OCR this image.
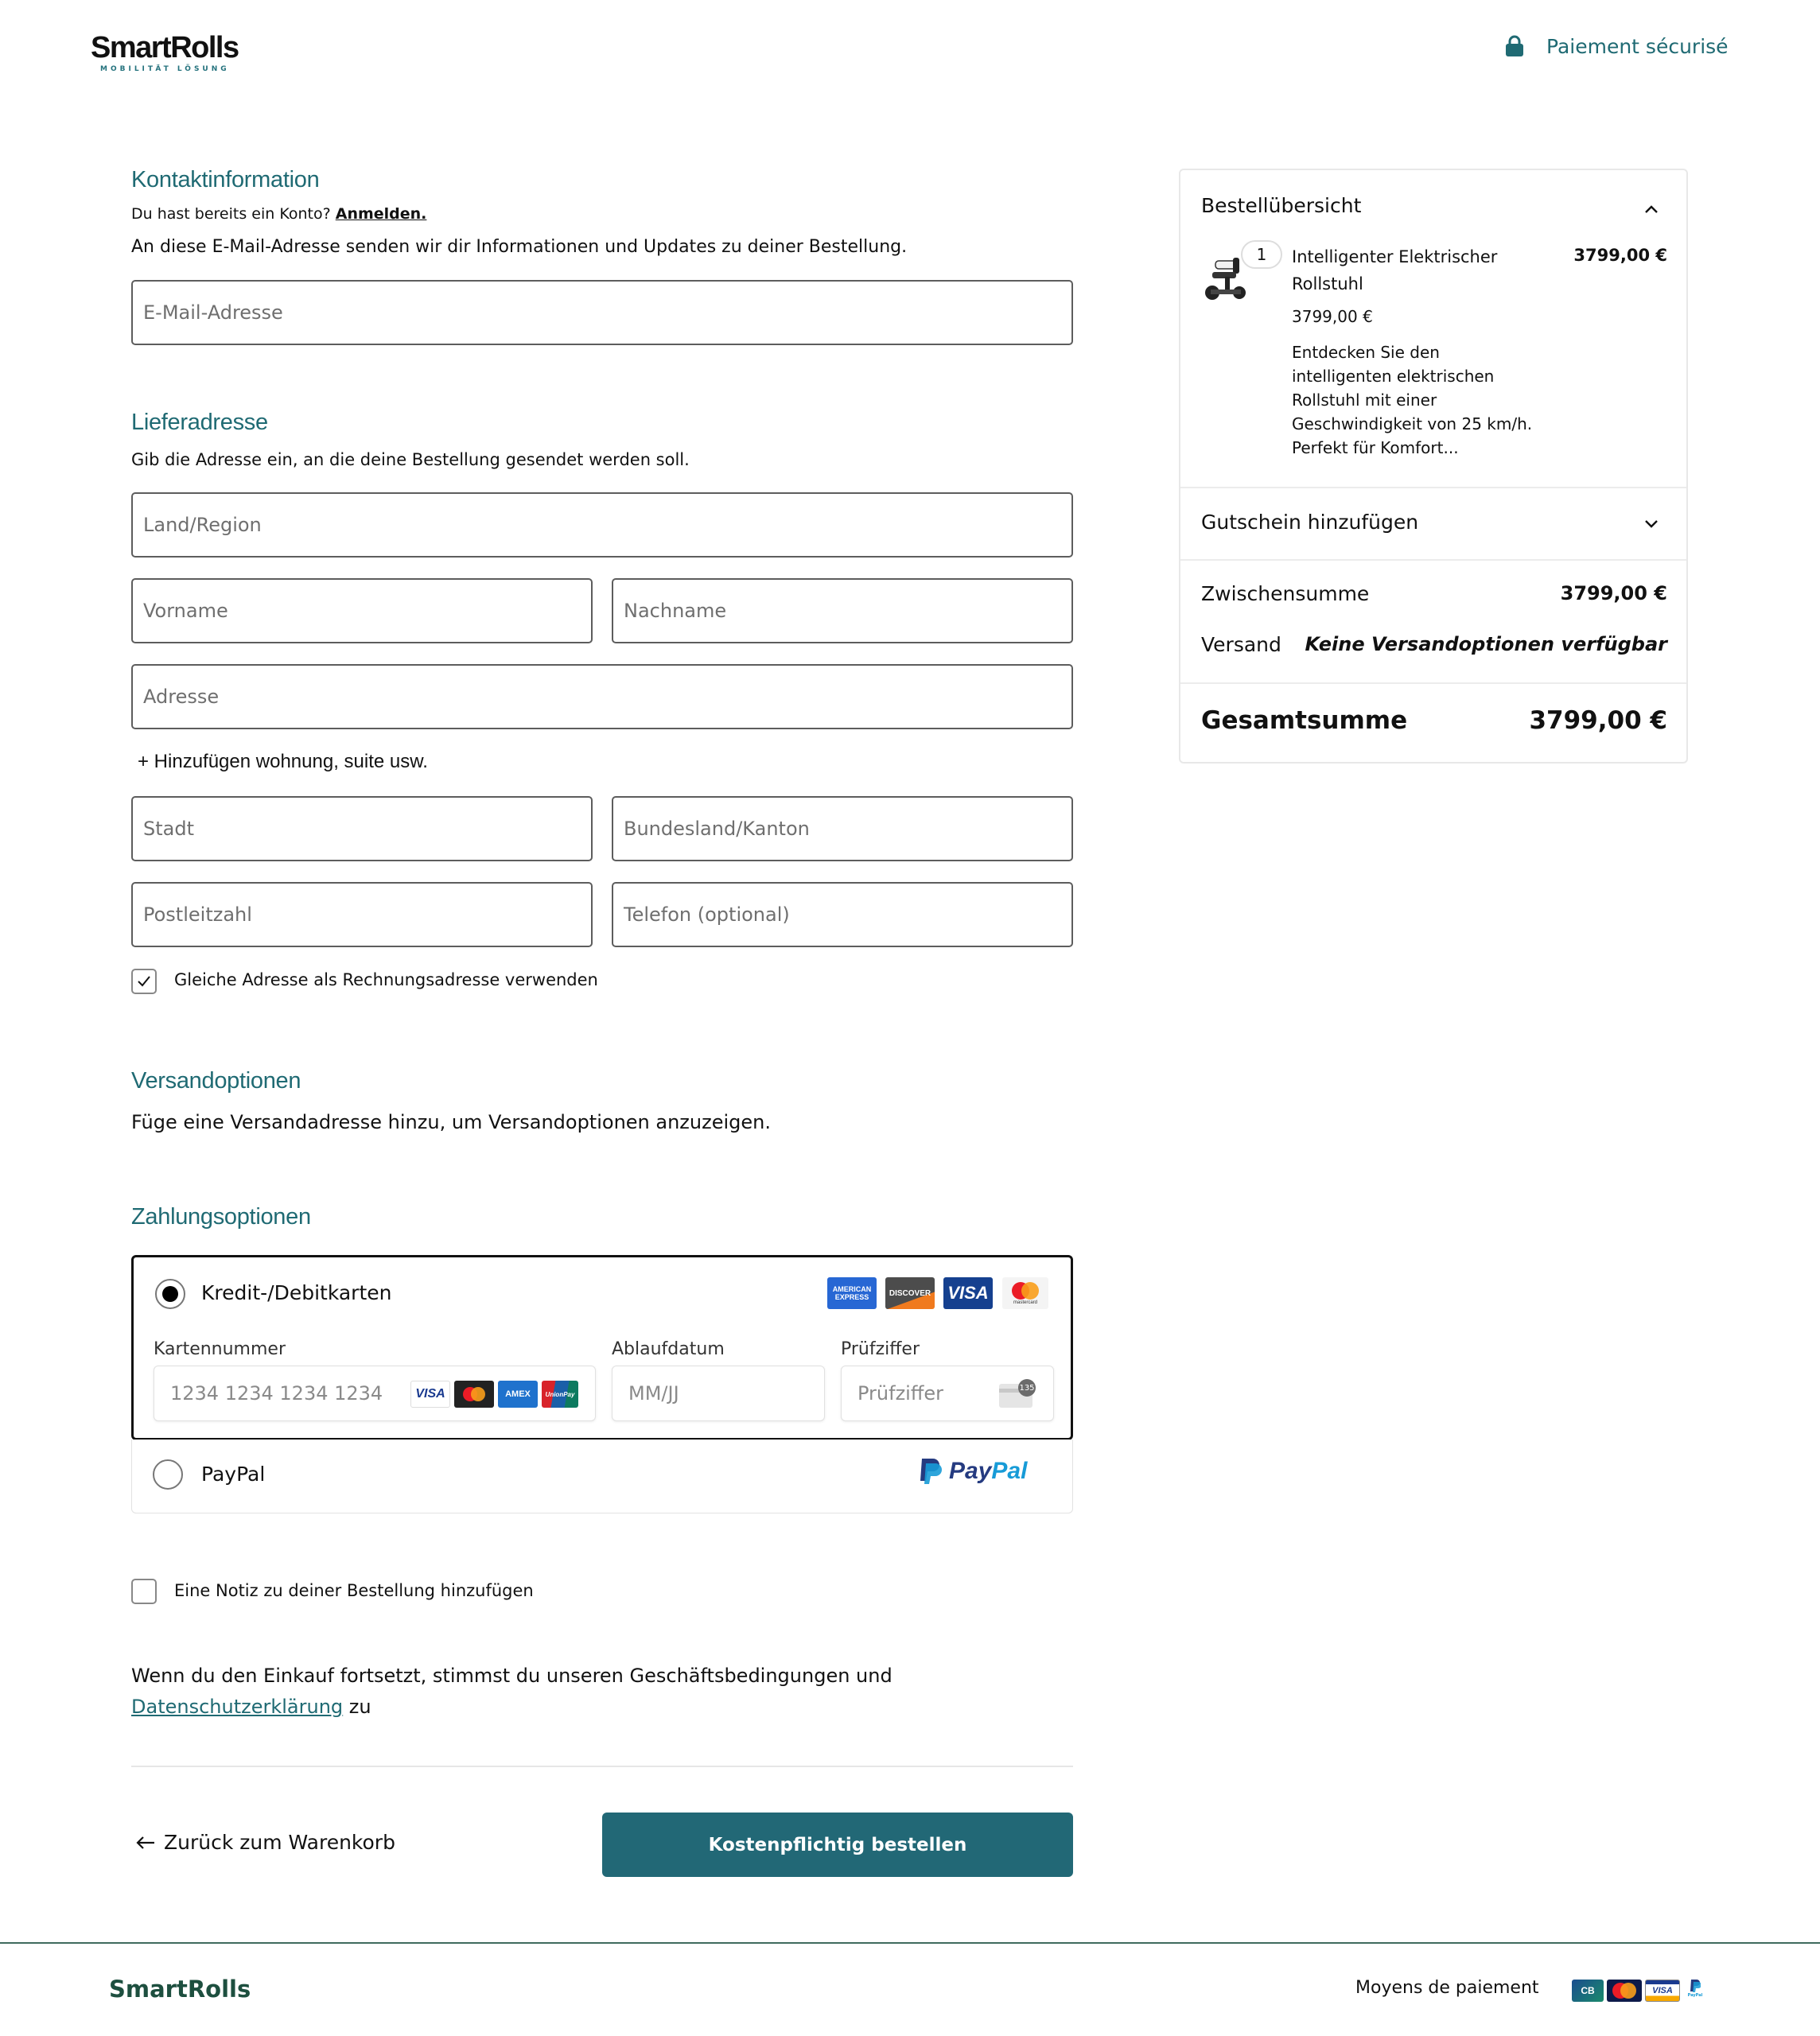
SmartRolls
MOBILITÄT LÖSUNG
Paiement sécurisé
Kontaktinformation
Du hast bereits ein Konto? Anmelden.
An diese E-Mail-Adresse senden wir dir Informationen und Updates zu deiner Bestellung.
E-Mail-Adresse
Lieferadresse
Gib die Adresse ein, an die deine Bestellung gesendet werden soll.
Land/Region
Vorname	Nachname
Adresse
+ Hinzufügen wohnung, suite usw.
Stadt	Bundesland/Kanton
Postleitzahl	Telefon (optional)
Gleiche Adresse als Rechnungsadresse verwenden
Versandoptionen
Füge eine Versandadresse hinzu, um Versandoptionen anzuzeigen.
Zahlungsoptionen
Kredit-/Debitkarten	AMERICAN EXPRESS	DISCOVER VISA	mastercard
Kartennummer
1234 1234 1234 1234	VISA	AMEX UnionPay
Ablaufdatum
MM/JJ
Prüfziffer
Prüfziffer	135
PayPal	PayPal
Eine Notiz zu deiner Bestellung hinzufügen
Wenn du den Einkauf fortsetzt, stimmst du unseren Geschäftsbedingungen und
Datenschutzerklärung zu
Zurück zum Warenkorb	Kostenpflichtig bestellen
Bestellübersicht
1	Intelligenter Elektrischer
Rollstuhl
3799,00 €
3799,00 €
Entdecken Sie den
intelligenten elektrischen
Rollstuhl mit einer
Geschwindigkeit von 25 km/h.
Perfekt für Komfort...
Gutschein hinzufügen
Zwischensumme	3799,00 €
Versand Keine Versandoptionen verfügbar
Gesamtsumme	3799,00 €
SmartRolls	Moyens de paiement	CB	VISA	PayPal
